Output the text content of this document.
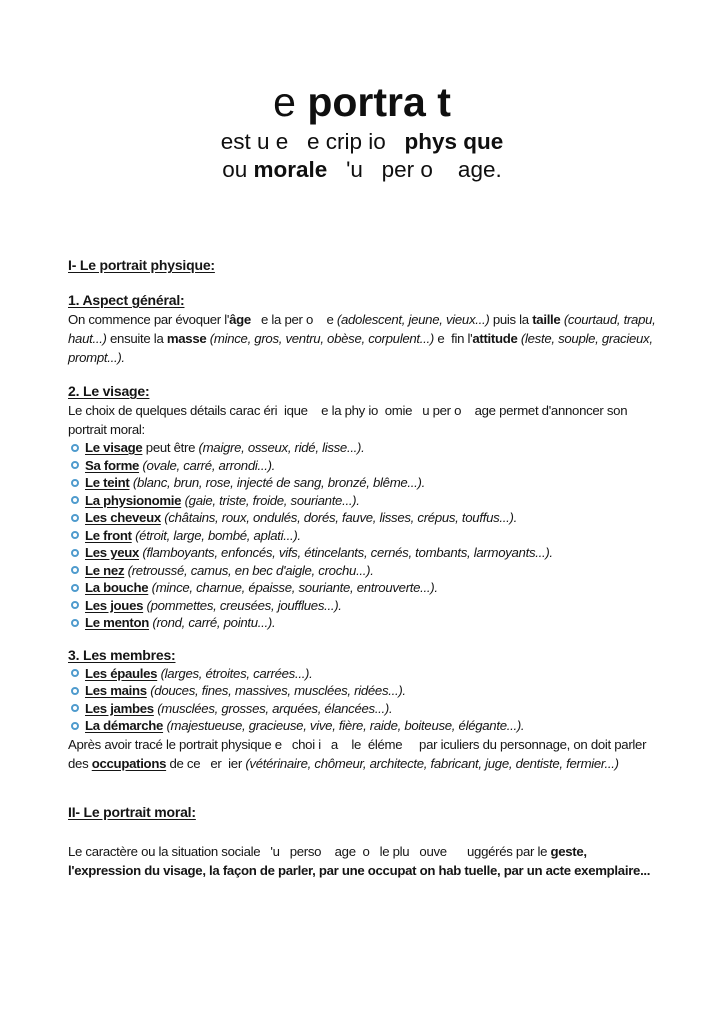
e portra t
est u e   e crip io   phys que
ou morale   'u   per o    age.
I- Le portrait physique:
1. Aspect général:
On commence par évoquer l'âge   e la per o    e (adolescent, jeune, vieux...) puis la taille (courtaud, trapu, haut...) ensuite la masse (mince, gros, ventru, obèse, corpulent...) e  fin l'attitude (leste, souple, gracieux, prompt...).
2. Le visage:
Le choix de quelques détails carac éri  ique    e la phy io  omie   u per o    age permet d'annoncer son portrait moral:
Le visage peut être (maigre, osseux, ridé, lisse...).
Sa forme (ovale, carré, arrondi...).
Le teint (blanc, brun, rose, injecté de sang, bronzé, blême...).
La physionomie (gaie, triste, froide, souriante...).
Les cheveux (châtains, roux, ondulés, dorés, fauve, lisses, crépus, touffus...).
Le front (étroit, large, bombé, aplati...).
Les yeux (flamboyants, enfoncés, vifs, étincelants, cernés, tombants, larmoyants...).
Le nez (retroussé, camus, en bec d'aigle, crochu...).
La bouche (mince, charnue, épaisse, souriante, entrouverte...).
Les joues (pommettes, creusées, joufflues...).
Le menton (rond, carré, pointu...).
3. Les membres:
Les épaules (larges, étroites, carrées...).
Les mains (douces, fines, massives, musclées, ridées...).
Les jambes (musclées, grosses, arquées, élancées...).
La démarche (majestueuse, gracieuse, vive, fière, raide, boiteuse, élégante...).
Après avoir tracé le portrait physique e   choi i   a    le  éléme     par iculiers du personnage, on doit parler des occupations de ce   er  ier (vétérinaire, chômeur, architecte, fabricant, juge, dentiste, fermier...)
II- Le portrait moral:
Le caractère ou la situation sociale   'u   perso    age  o   le plu   ouve      uggérés par le geste, l'expression du visage, la façon de parler, par une occupat on hab tuelle, par un acte exemplaire...
